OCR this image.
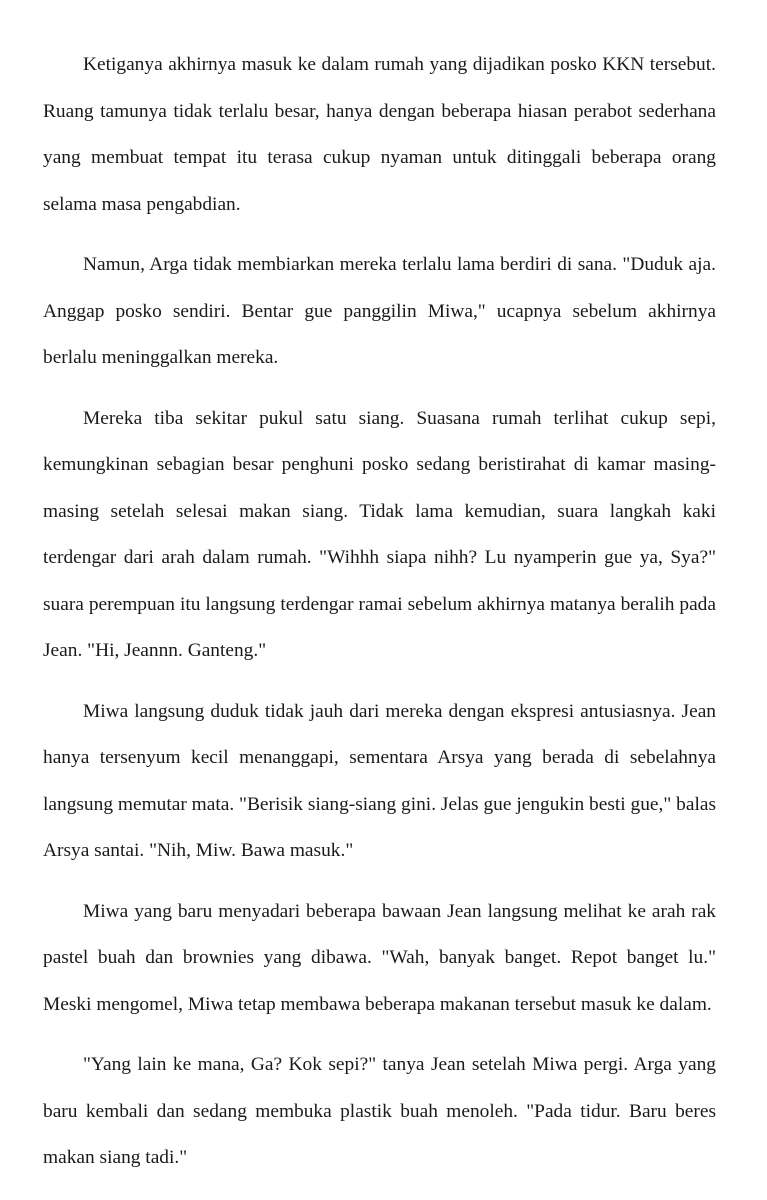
Ketiganya akhirnya masuk ke dalam rumah yang dijadikan posko KKN tersebut. Ruang tamunya tidak terlalu besar, hanya dengan beberapa hiasan perabot sederhana yang membuat tempat itu terasa cukup nyaman untuk ditinggali beberapa orang selama masa pengabdian.

Namun, Arga tidak membiarkan mereka terlalu lama berdiri di sana. "Duduk aja. Anggap posko sendiri. Bentar gue panggilin Miwa," ucapnya sebelum akhirnya berlalu meninggalkan mereka.

Mereka tiba sekitar pukul satu siang. Suasana rumah terlihat cukup sepi, kemungkinan sebagian besar penghuni posko sedang beristirahat di kamar masing-masing setelah selesai makan siang. Tidak lama kemudian, suara langkah kaki terdengar dari arah dalam rumah. "Wihhh siapa nihh? Lu nyamperin gue ya, Sya?" suara perempuan itu langsung terdengar ramai sebelum akhirnya matanya beralih pada Jean. "Hi, Jeannn. Ganteng."

Miwa langsung duduk tidak jauh dari mereka dengan ekspresi antusiasnya. Jean hanya tersenyum kecil menanggapi, sementara Arsya yang berada di sebelahnya langsung memutar mata. "Berisik siang-siang gini. Jelas gue jengukin besti gue," balas Arsya santai. "Nih, Miw. Bawa masuk."

Miwa yang baru menyadari beberapa bawaan Jean langsung melihat ke arah rak pastel buah dan brownies yang dibawa. "Wah, banyak banget. Repot banget lu." Meski mengomel, Miwa tetap membawa beberapa makanan tersebut masuk ke dalam.

"Yang lain ke mana, Ga? Kok sepi?" tanya Jean setelah Miwa pergi. Arga yang baru kembali dan sedang membuka plastik buah menoleh. "Pada tidur. Baru beres makan siang tadi."
